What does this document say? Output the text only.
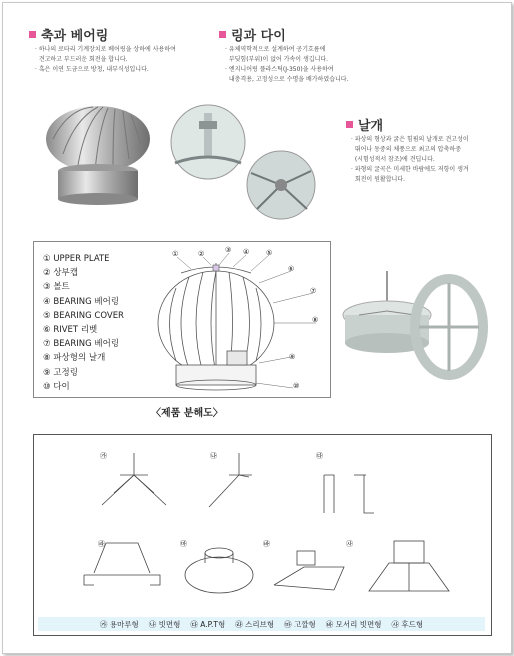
축과 베어링

· 하나의 로타리 기계장치로 베어링을 상하에 사용하여

견고하고 부드러운 회전을 합니다.

· 혹은 이연 도금으로 방청, 내부식성입니다.

링과 다이

· 유체역학적으로 설계하여 공기흐름에

부딪힘(부위)이 없어 가속이 생깁니다.

· 엔지니어링 플라스틱(J-350)을 사용하여

내충격용, 고정성으로 수명을 배가하였습니다.

날개

· 파상의 형상과 굵은 힘핌의 날개로 견고성이

뛰어나 동중의 체풍으로 최고의 압축하중

(시험성적서 참조)에 견딥니다.

· 파형의 굴곡은 미세한 바람에도 저항이 생겨

회전이 원활합니다.

① UPPER PLATE
② 상부캡
③ 볼트
④ BEARING 베어링
⑤ BEARING COVER
⑥ RIVET 리벳
⑦ BEARING 베어링
⑧ 파상형의 날개
⑨ 고정링
⑩ 다이
①	②	③ ④ ⑤
⑥
⑦
⑧
⑨
⑩
〈제품 분해도〉
㉮	㉯	㉰
㉱	㉲	㉳	㉴
㉮ 용마루형 ㉯ 빗면형 ㉰ A.P.T형 ㉱ 스리브형 ㉲ 고깔형 ㉳ 모서리 빗면형 ㉴ 후드형
